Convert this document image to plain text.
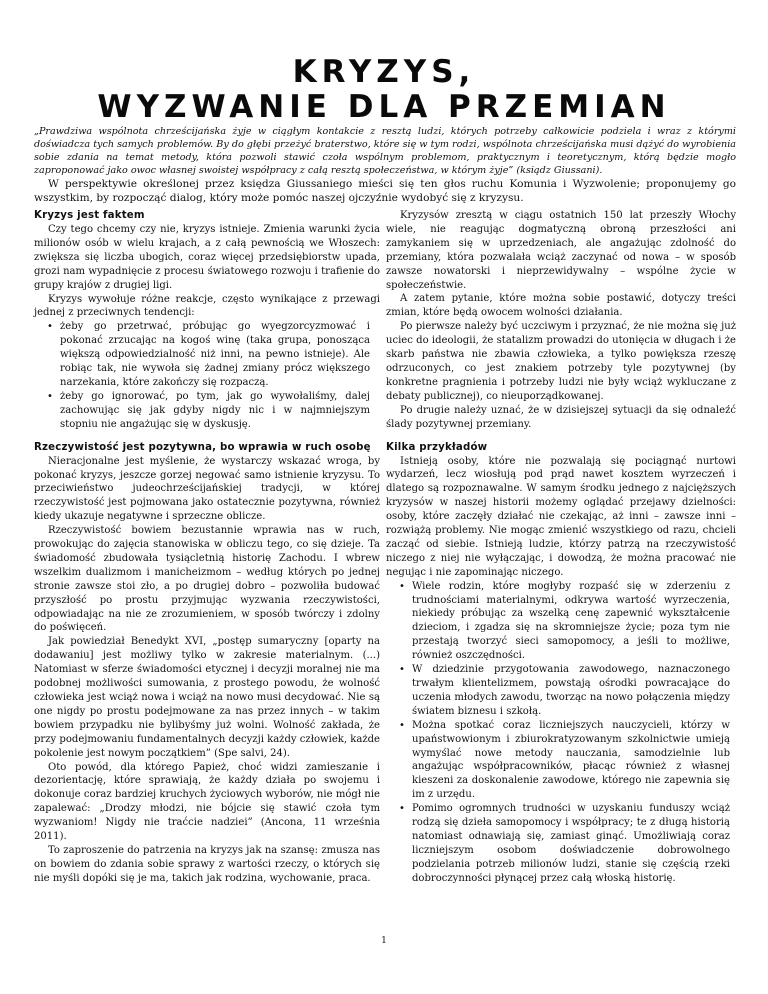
KRYZYS,
WYZWANIE DLA PRZEMIAN

„Prawdziwa wspólnota chrześcijańska żyje w ciągłym kontakcie z resztą ludzi, których potrzeby całkowicie podziela i wraz z którymi doświadcza tych samych problemów. By do głębi przeżyć braterstwo, które się w tym rodzi, wspólnota chrześcijańska musi dążyć do wyrobienia sobie zdania na temat metody, która pozwoli stawić czoła wspólnym problemom, praktycznym i teoretycznym, którą będzie mogło zaproponować jako owoc własnej swoistej współpracy z całą resztą społeczeństwa, w którym żyje” (ksiądz Giussani).

W perspektywie określonej przez księdza Giussaniego mieści się ten głos ruchu Komunia i Wyzwolenie; proponujemy go wszystkim, by rozpocząć dialog, który może pomóc naszej ojczyźnie wydobyć się z kryzysu.

Kryzys jest faktem

Czy tego chcemy czy nie, kryzys istnieje. Zmienia warunki życia milionów osób w wielu krajach, a z całą pewnością we Włoszech: zwiększa się liczba ubogich, coraz więcej przedsiębiorstw upada, grozi nam wypadnięcie z procesu światowego rozwoju i trafienie do grupy krajów z drugiej ligi.

Kryzys wywołuje różne reakcje, często wynikające z przewagi jednej z przeciwnych tendencji:

• żeby go przetrwać, próbując go wyegzorcyzmować i pokonać zrzucając na kogoś winę (taka grupa, ponosząca większą odpowiedzialność niż inni, na pewno istnieje). Ale robiąc tak, nie wywoła się żadnej zmiany prócz większego narzekania, które zakończy się rozpaczą.
• żeby go ignorować, po tym, jak go wywołaliśmy, dalej zachowując się jak gdyby nigdy nic i w najmniejszym stopniu nie angażując się w dyskusję.
Rzeczywistość jest pozytywna, bo wprawia w ruch osobę

Nieracjonalne jest myślenie, że wystarczy wskazać wroga, by pokonać kryzys, jeszcze gorzej negować samo istnienie kryzysu. To przeciwieństwo judeochrześcijańskiej tradycji, w której rzeczywistość jest pojmowana jako ostatecznie pozytywna, również kiedy ukazuje negatywne i sprzeczne oblicze.

Rzeczywistość bowiem bezustannie wprawia nas w ruch, prowokując do zajęcia stanowiska w obliczu tego, co się dzieje. Ta świadomość zbudowała tysiącletnią historię Zachodu. I wbrew wszelkim dualizmom i manicheizmom – według których po jednej stronie zawsze stoi zło, a po drugiej dobro – pozwoliła budować przyszłość po prostu przyjmując wyzwania rzeczywistości, odpowiadając na nie ze zrozumieniem, w sposób twórczy i zdolny do poświęceń.

Jak powiedział Benedykt XVI, „postęp sumaryczny [oparty na dodawaniu] jest możliwy tylko w zakresie materialnym. (...) Natomiast w sferze świadomości etycznej i decyzji moralnej nie ma podobnej możliwości sumowania, z prostego powodu, że wolność człowieka jest wciąż nowa i wciąż na nowo musi decydować. Nie są one nigdy po prostu podejmowane za nas przez innych – w takim bowiem przypadku nie bylibyśmy już wolni. Wolność zakłada, że przy podejmowaniu fundamentalnych decyzji każdy człowiek, każde pokolenie jest nowym początkiem” (Spe salvi, 24).

Oto powód, dla którego Papież, choć widzi zamieszanie i dezorientację, które sprawiają, że każdy działa po swojemu i dokonuje coraz bardziej kruchych życiowych wyborów, nie mógł nie zapalewać: „Drodzy młodzi, nie bójcie się stawić czoła tym wyzwaniom! Nigdy nie traćcie nadziei” (Ancona, 11 września 2011).

To zaproszenie do patrzenia na kryzys jak na szansę: zmusza nas on bowiem do zdania sobie sprawy z wartości rzeczy, o których się nie myśli dopóki się je ma, takich jak rodzina, wychowanie, praca.

Kryzysów zresztą w ciągu ostatnich 150 lat przeszły Włochy wiele, nie reagując dogmatyczną obroną przeszłości ani zamykaniem się w uprzedzeniach, ale angażując zdolność do przemiany, która pozwalała wciąż zaczynać od nowa – w sposób zawsze nowatorski i nieprzewidywalny – wspólne życie w społeczeństwie.

A zatem pytanie, które można sobie postawić, dotyczy treści zmian, które będą owocem wolności działania.

Po pierwsze należy być uczciwym i przyznać, że nie można się już uciec do ideologii, że statalizm prowadzi do utonięcia w długach i że skarb państwa nie zbawia człowieka, a tylko powiększa rzeszę odrzuconych, co jest znakiem potrzeby tyle pozytywnej (by konkretne pragnienia i potrzeby ludzi nie były wciąż wykluczane z debaty publicznej), co nieuporządkowanej.

Po drugie należy uznać, że w dzisiejszej sytuacji da się odnaleźć ślady pozytywnej przemiany.

Kilka przykładów

Istnieją osoby, które nie pozwalają się pociągnąć nurtowi wydarzeń, lecz wiosłują pod prąd nawet kosztem wyrzeczeń i dlatego są rozpoznawalne. W samym środku jednego z najcięższych kryzysów w naszej historii możemy oglądać przejawy dzielności: osoby, które zaczęły działać nie czekając, aż inni – zawsze inni – rozwiążą problemy. Nie mogąc zmienić wszystkiego od razu, chcieli zacząć od siebie. Istnieją ludzie, którzy patrzą na rzeczywistość niczego z niej nie wyłączając, i dowodzą, że można pracować nie negując i nie zapominając niczego.

• Wiele rodzin, które mogłyby rozpaść się w zderzeniu z trudnościami materialnymi, odkrywa wartość wyrzeczenia, niekiedy próbując za wszelką cenę zapewnić wykształcenie dzieciom, i zgadza się na skromniejsze życie; poza tym nie przestają tworzyć sieci samopomocy, a jeśli to możliwe, również oszczędności.
• W dziedzinie przygotowania zawodowego, naznaczonego trwałym klientelizmem, powstają ośrodki powracające do uczenia młodych zawodu, tworząc na nowo połączenia między światem biznesu i szkołą.
• Można spotkać coraz liczniejszych nauczycieli, którzy w upaństwowionym i zbiurokratyzowanym szkolnictwie umieją wymyślać nowe metody nauczania, samodzielnie lub angażując współpracowników, płacąc również z własnej kieszeni za doskonalenie zawodowe, którego nie zapewnia się im z urzędu.
• Pomimo ogromnych trudności w uzyskaniu funduszy wciąż rodzą się dzieła samopomocy i współpracy; te z długą historią natomiast odnawiają się, zamiast ginąć. Umożliwiają coraz liczniejszym osobom doświadczenie dobrowolnego podzielania potrzeb milionów ludzi, stanie się częścią rzeki dobroczynności płynącej przez całą włoską historię.
1
